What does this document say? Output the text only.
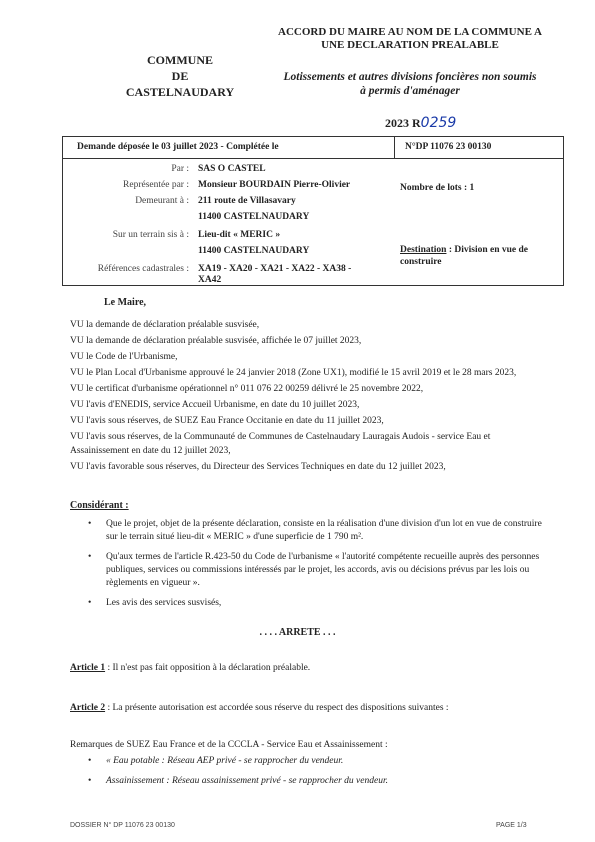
COMMUNE
DE
CASTELNAUDARY
ACCORD DU MAIRE AU NOM DE LA COMMUNE A
UNE DECLARATION PREALABLE
Lotissements et autres divisions foncières non soumis
à permis d'aménager
2023 R0259
Demande déposée le 03 juillet 2023 - Complétée le	N°DP 11076 23 00130
Par : SAS O CASTEL
Représentée par : Monsieur BOURDAIN Pierre-Olivier
Demeurant à : 211 route de Villasavary
11400 CASTELNAUDARY
Sur un terrain sis à : Lieu-dit « MERIC »
11400 CASTELNAUDARY
Références cadastrales : XA19 - XA20 - XA21 - XA22 - XA38 -
XA42
Nombre de lots : 1
Destination : Division en vue de
construire
Le Maire,

VU la demande de déclaration préalable susvisée,

VU la demande de déclaration préalable susvisée, affichée le 07 juillet 2023,

VU le Code de l'Urbanisme,

VU le Plan Local d'Urbanisme approuvé le 24 janvier 2018 (Zone UX1), modifié le 15 avril 2019 et le 28 mars 2023,

VU le certificat d'urbanisme opérationnel n° 011 076 22 00259 délivré le 25 novembre 2022,

VU l'avis d'ENEDIS, service Accueil Urbanisme, en date du 10 juillet 2023,

VU l'avis sous réserves, de SUEZ Eau France Occitanie en date du 11 juillet 2023,

VU l'avis sous réserves, de la Communauté de Communes de Castelnaudary Lauragais Audois - service Eau et Assainissement en date du 12 juillet 2023,

VU l'avis favorable sous réserves, du Directeur des Services Techniques en date du 12 juillet 2023,

Considérant :
• Que le projet, objet de la présente déclaration, consiste en la réalisation d'une division d'un lot en vue de construire sur le terrain situé lieu-dit « MERIC » d'une superficie de 1 790 m².
• Qu'aux termes de l'article R.423-50 du Code de l'urbanisme « l'autorité compétente recueille auprès des personnes publiques, services ou commissions intéressés par le projet, les accords, avis ou décisions prévus par les lois ou règlements en vigueur ».
• Les avis des services susvisés,
. . . . ARRETE . . .
Article 1 : Il n'est pas fait opposition à la déclaration préalable.
Article 2 : La présente autorisation est accordée sous réserve du respect des dispositions suivantes :
Remarques de SUEZ Eau France et de la CCCLA - Service Eau et Assainissement :
• « Eau potable : Réseau AEP privé - se rapprocher du vendeur.
• Assainissement : Réseau assainissement privé - se rapprocher du vendeur.
DOSSIER N° DP 11076 23 00130	PAGE 1/3
